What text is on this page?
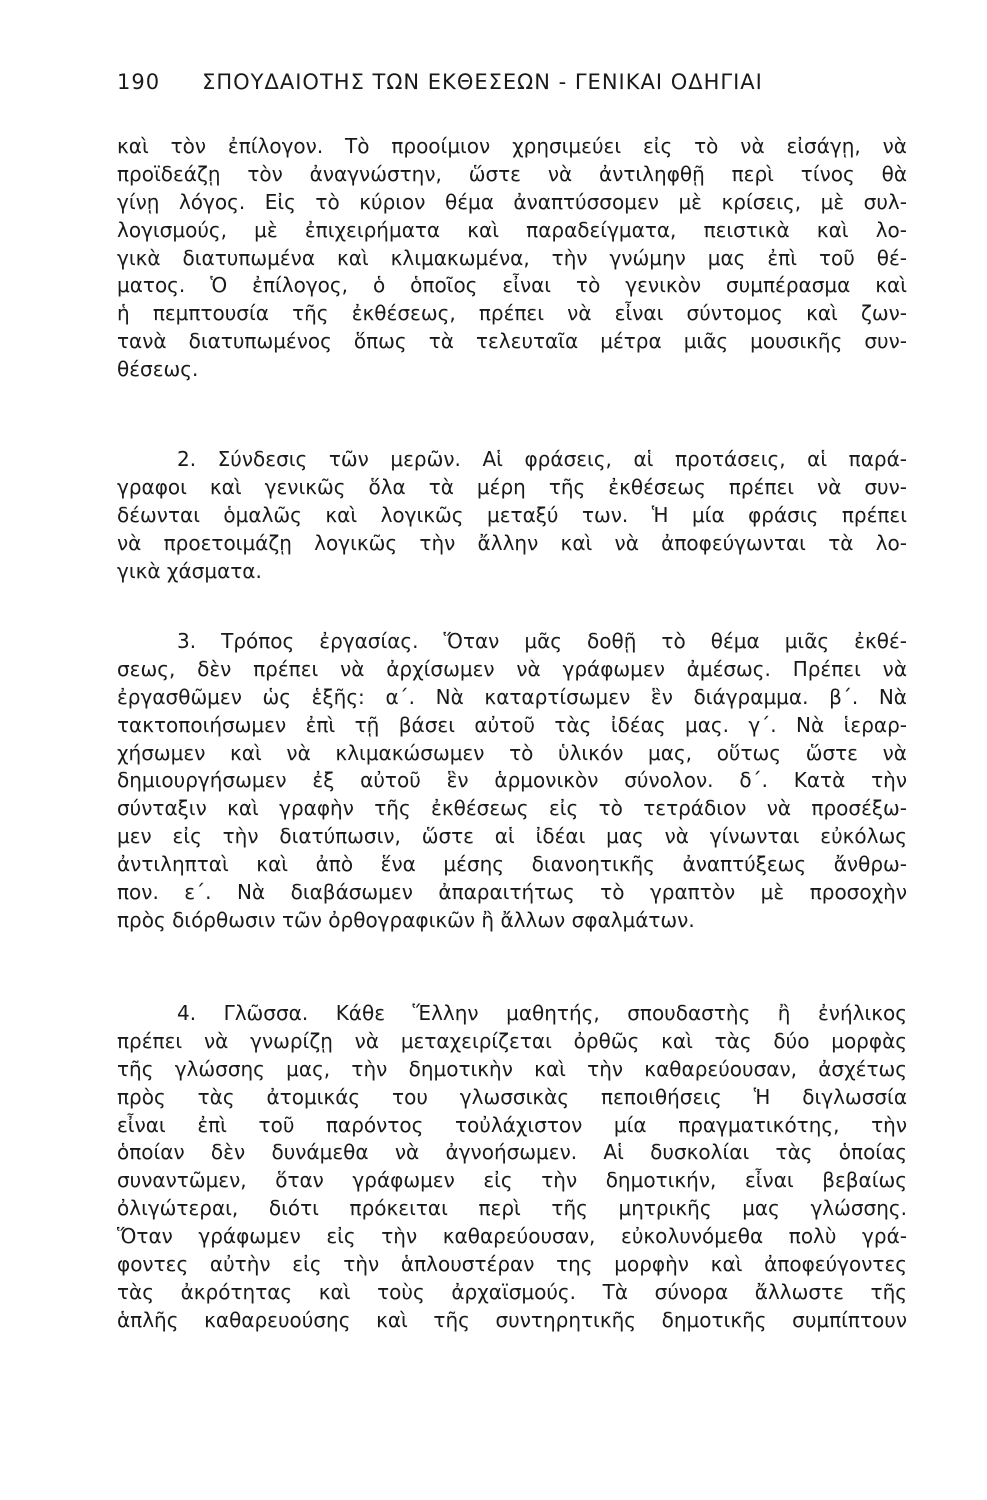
190 ΣΠΟΥΔΑΙΟΤΗΣ ΤΩΝ ΕΚΘΕΣΕΩΝ - ΓΕΝΙΚΑΙ ΟΔΗΓΙΑΙ
καὶ τὸν ἐπίλογον. Τὸ προοίμιον χρησιμεύει εἰς τὸ νὰ εἰσάγῃ, νὰ
προϊδεάζῃ τὸν ἀναγνώστην, ὥστε νὰ ἀντιληφθῇ περὶ τίνος θὰ
γίνῃ λόγος. Εἰς τὸ κύριον θέμα ἀναπτύσσομεν μὲ κρίσεις, μὲ συλ-
λογισμούς, μὲ ἐπιχειρήματα καὶ παραδείγματα, πειστικὰ καὶ λο-
γικὰ διατυπωμένα καὶ κλιμακωμένα, τὴν γνώμην μας ἐπὶ τοῦ θέ-
ματος. Ὁ ἐπίλογος, ὁ ὁποῖος εἶναι τὸ γενικὸν συμπέρασμα καὶ
ἡ πεμπτουσία τῆς ἐκθέσεως, πρέπει νὰ εἶναι σύντομος καὶ ζων-
τανὰ διατυπωμένος ὅπως τὰ τελευταῖα μέτρα μιᾶς μουσικῆς συν-
θέσεως.
2. Σύνδεσις τῶν μερῶν. Αἱ φράσεις, αἱ προτάσεις, αἱ παρά-
γραφοι καὶ γενικῶς ὅλα τὰ μέρη τῆς ἐκθέσεως πρέπει νὰ συν-
δέωνται ὁμαλῶς καὶ λογικῶς μεταξύ των. Ἡ μία φράσις πρέπει
νὰ προετοιμάζῃ λογικῶς τὴν ἄλλην καὶ νὰ ἀποφεύγωνται τὰ λο-
γικὰ χάσματα.
3. Τρόπος ἐργασίας. Ὅταν μᾶς δοθῇ τὸ θέμα μιᾶς ἐκθέ-
σεως, δὲν πρέπει νὰ ἀρχίσωμεν νὰ γράφωμεν ἀμέσως. Πρέπει νὰ
ἐργασθῶμεν ὡς ἑξῆς: α΄. Νὰ καταρτίσωμεν ἓν διάγραμμα. β΄. Νὰ
τακτοποιήσωμεν ἐπὶ τῇ βάσει αὐτοῦ τὰς ἰδέας μας. γ΄. Νὰ ἱεραρ-
χήσωμεν καὶ νὰ κλιμακώσωμεν τὸ ὑλικόν μας, οὕτως ὥστε νὰ
δημιουργήσωμεν ἐξ αὐτοῦ ἓν ἁρμονικὸν σύνολον. δ΄. Κατὰ τὴν
σύνταξιν καὶ γραφὴν τῆς ἐκθέσεως εἰς τὸ τετράδιον νὰ προσέξω-
μεν εἰς τὴν διατύπωσιν, ὥστε αἱ ἰδέαι μας νὰ γίνωνται εὐκόλως
ἀντιληπταὶ καὶ ἀπὸ ἕνα μέσης διανοητικῆς ἀναπτύξεως ἄνθρω-
πον. ε΄. Νὰ διαβάσωμεν ἀπαραιτήτως τὸ γραπτὸν μὲ προσοχὴν
πρὸς διόρθωσιν τῶν ὀρθογραφικῶν ἢ ἄλλων σφαλμάτων.
4. Γλῶσσα. Κάθε Ἕλλην μαθητής, σπουδαστὴς ἢ ἐνήλικος
πρέπει νὰ γνωρίζῃ νὰ μεταχειρίζεται ὀρθῶς καὶ τὰς δύο μορφὰς
τῆς γλώσσης μας, τὴν δημοτικὴν καὶ τὴν καθαρεύουσαν, ἀσχέτως
πρὸς τὰς ἀτομικάς του γλωσσικὰς πεποιθήσεις Ἡ διγλωσσία
εἶναι ἐπὶ τοῦ παρόντος τοὐλάχιστον μία πραγματικότης, τὴν
ὁποίαν δὲν δυνάμεθα νὰ ἀγνοήσωμεν. Αἱ δυσκολίαι τὰς ὁποίας
συναντῶμεν, ὅταν γράφωμεν εἰς τὴν δημοτικήν, εἶναι βεβαίως
ὀλιγώτεραι, διότι πρόκειται περὶ τῆς μητρικῆς μας γλώσσης.
Ὅταν γράφωμεν εἰς τὴν καθαρεύουσαν, εὐκολυνόμεθα πολὺ γρά-
φοντες αὐτὴν εἰς τὴν ἁπλουστέραν της μορφὴν καὶ ἀποφεύγοντες
τὰς ἀκρότητας καὶ τοὺς ἀρχαϊσμούς. Τὰ σύνορα ἄλλωστε τῆς
ἁπλῆς καθαρευούσης καὶ τῆς συντηρητικῆς δημοτικῆς συμπίπτουν
